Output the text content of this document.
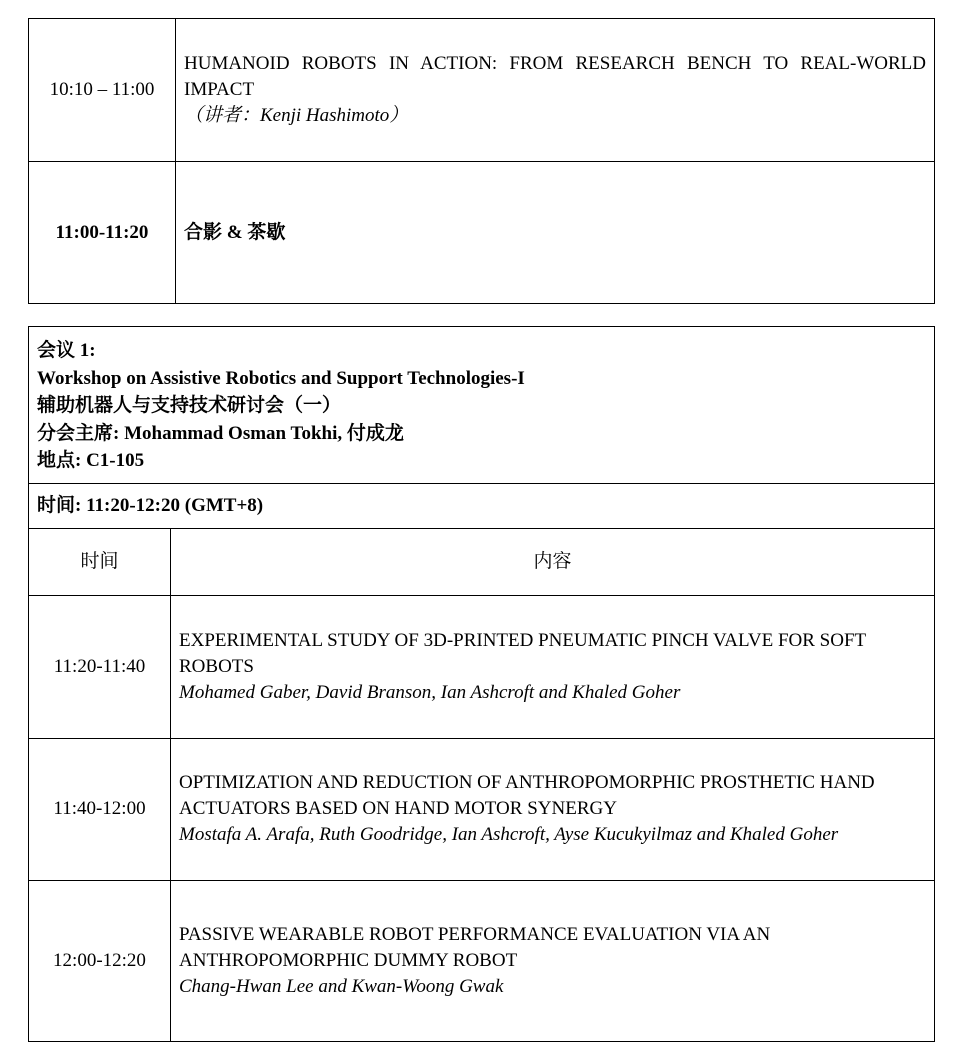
10:10 – 11:00	HUMANOID ROBOTS IN ACTION: FROM RESEARCH BENCH TO REAL-WORLD IMPACT
（讲者：Kenji Hashimoto）

11:00-11:20	合影 & 茶歇
会议 1:
Workshop on Assistive Robotics and Support Technologies-I
辅助机器人与支持技术研讨会（一）
分会主席: Mohammad Osman Tokhi, 付成龙
地点: C1-105	

时间: 11:20-12:20 (GMT+8)	
时间	内容
11:20-11:40	EXPERIMENTAL STUDY OF 3D-PRINTED PNEUMATIC PINCH VALVE FOR SOFT ROBOTS
Mohamed Gaber, David Branson, Ian Ashcroft and Khaled Goher

11:40-12:00	OPTIMIZATION AND REDUCTION OF ANTHROPOMORPHIC PROSTHETIC HAND ACTUATORS BASED ON HAND MOTOR SYNERGY
Mostafa A. Arafa, Ruth Goodridge, Ian Ashcroft, Ayse Kucukyilmaz and Khaled Goher

12:00-12:20	PASSIVE WEARABLE ROBOT PERFORMANCE EVALUATION VIA AN ANTHROPOMORPHIC DUMMY ROBOT
Chang-Hwan Lee and Kwan-Woong Gwak
